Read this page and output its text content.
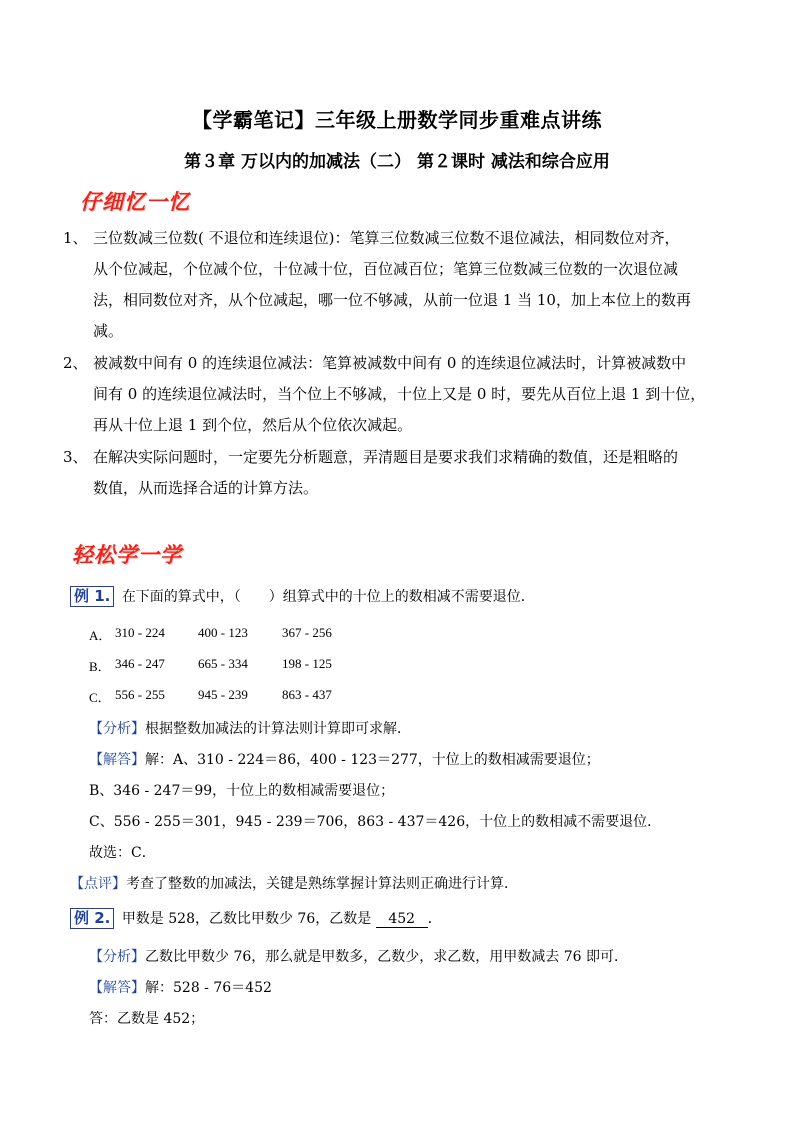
【学霸笔记】三年级上册数学同步重难点讲练
第３章 万以内的加减法（二） 第２课时 减法和综合应用
仔细忆一忆
1、 三位数减三位数( 不退位和连续退位)：笔算三位数减三位数不退位减法，相同数位对齐，
从个位减起，个位减个位，十位减十位，百位减百位；笔算三位数减三位数的一次退位减
法，相同数位对齐，从个位减起，哪一位不够减，从前一位退 1 当 10，加上本位上的数再
减。
2、 被减数中间有 0 的连续退位减法：笔算被减数中间有 0 的连续退位减法时，计算被减数中
间有 0 的连续退位减法时，当个位上不够减，十位上又是 0 时，要先从百位上退 1 到十位，
再从十位上退 1 到个位，然后从个位依次减起。
3、 在解决实际问题时，一定要先分析题意，弄清题目是要求我们求精确的数值，还是粗略的
数值，从而选择合适的计算方法。
轻松学一学
例 1. 在下面的算式中，（　　）组算式中的十位上的数相减不需要退位．
A． 310 - 224	400 - 123	367 - 256
B． 346 - 247	665 - 334	198 - 125
C． 556 - 255	945 - 239	863 - 437
【分析】根据整数加减法的计算法则计算即可求解．
【解答】解：A、310 - 224＝86，400 - 123＝277，十位上的数相减需要退位；
B、346 - 247＝99，十位上的数相减需要退位；
C、556 - 255＝301，945 - 239＝706，863 - 437＝426，十位上的数相减不需要退位．
故选：C．
【点评】考查了整数的加减法，关键是熟练掌握计算法则正确进行计算．
例 2. 甲数是 528，乙数比甲数少 76，乙数是 452 ．
【分析】乙数比甲数少 76，那么就是甲数多，乙数少，求乙数，用甲数减去 76 即可．
【解答】解：528 - 76＝452
答：乙数是 452；
